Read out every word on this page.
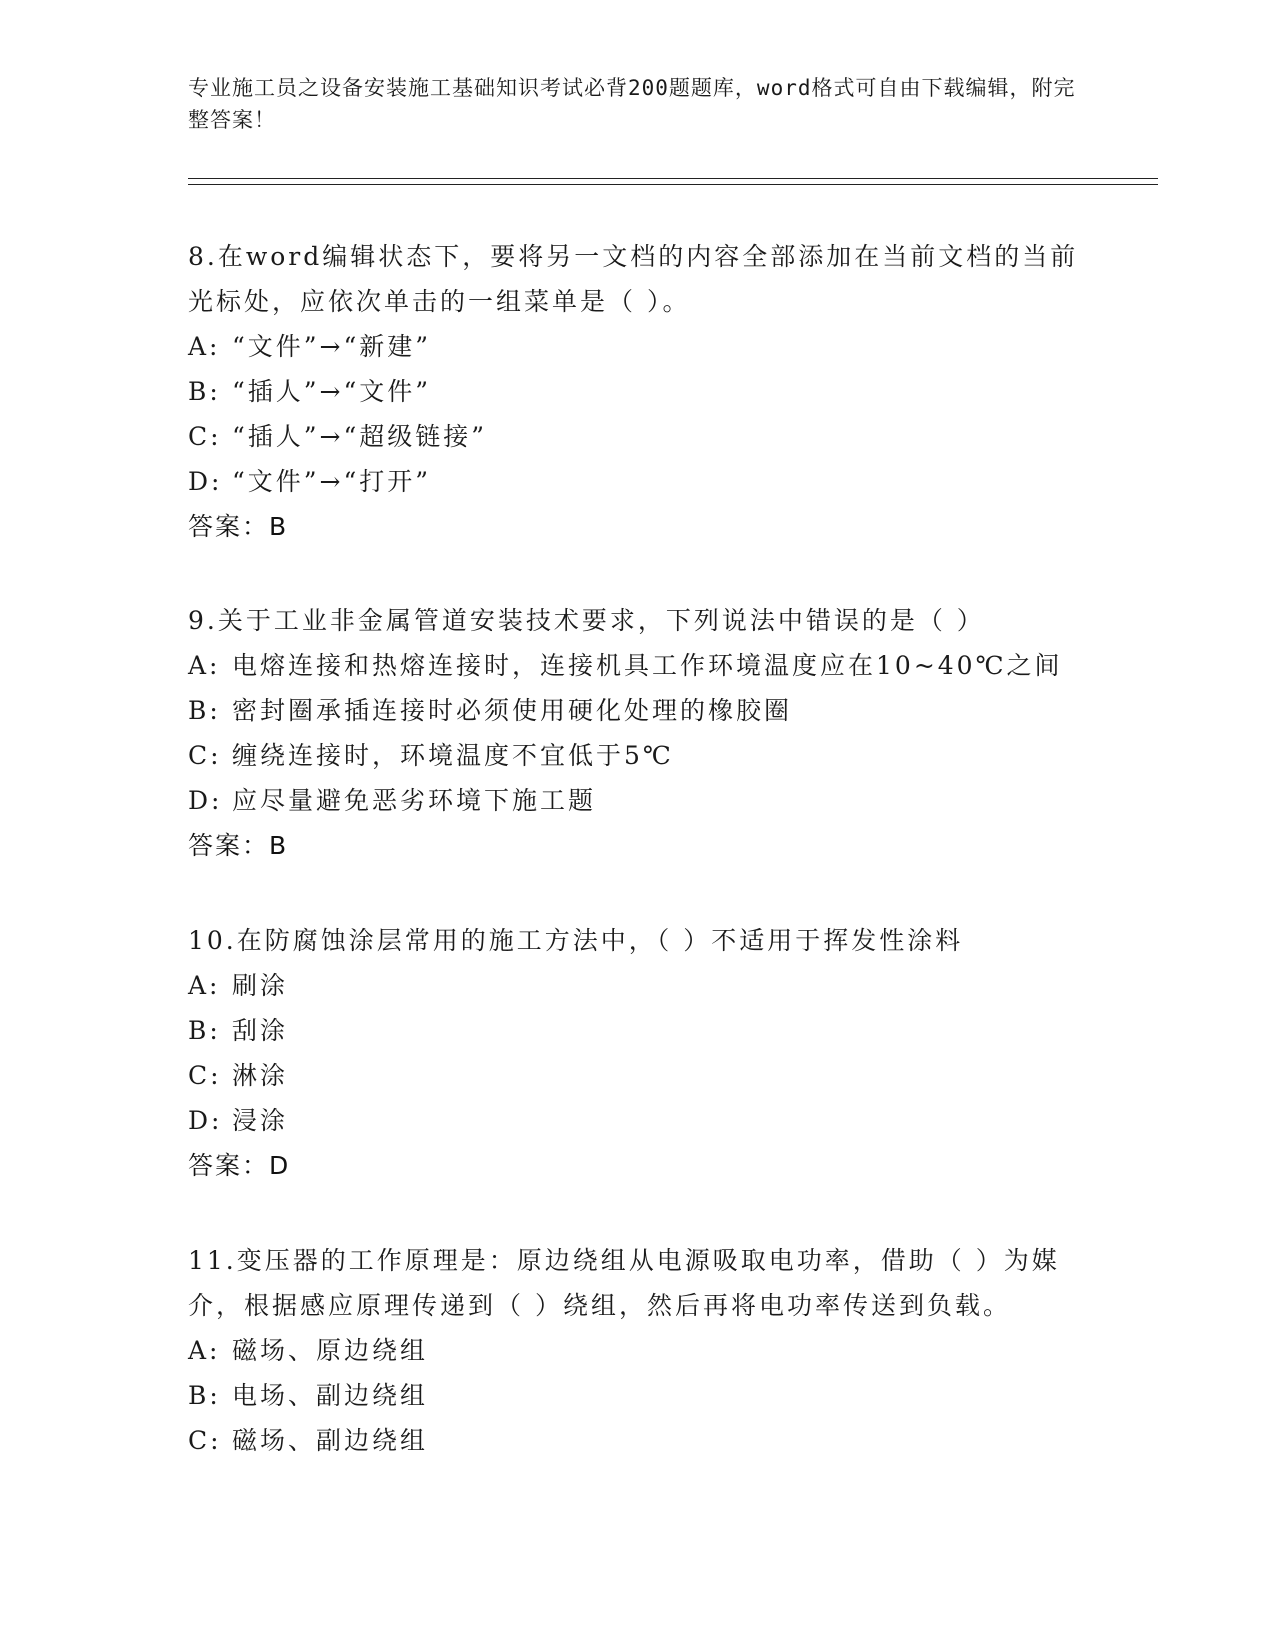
专业施工员之设备安装施工基础知识考试必背200题题库，word格式可自由下载编辑，附完整答案！

8.在word编辑状态下，要将另一文档的内容全部添加在当前文档的当前光标处，应依次单击的一组菜单是（ ）。

A: “文件”→“新建”

B: “插人”→“文件”

C: “插人”→“超级链接”

D: “文件”→“打开”

答案：B

9.关于工业非金属管道安装技术要求，下列说法中错误的是（ ）

A: 电熔连接和热熔连接时，连接机具工作环境温度应在10~40℃之间

B: 密封圈承插连接时必须使用硬化处理的橡胶圈

C: 缠绕连接时，环境温度不宜低于5℃

D: 应尽量避免恶劣环境下施工题

答案：B

10.在防腐蚀涂层常用的施工方法中，（ ）不适用于挥发性涂料

A: 刷涂

B: 刮涂

C: 淋涂

D: 浸涂

答案：D

11.变压器的工作原理是：原边绕组从电源吸取电功率，借助（ ）为媒介，根据感应原理传递到（ ）绕组，然后再将电功率传送到负载。

A: 磁场、原边绕组

B: 电场、副边绕组

C: 磁场、副边绕组
